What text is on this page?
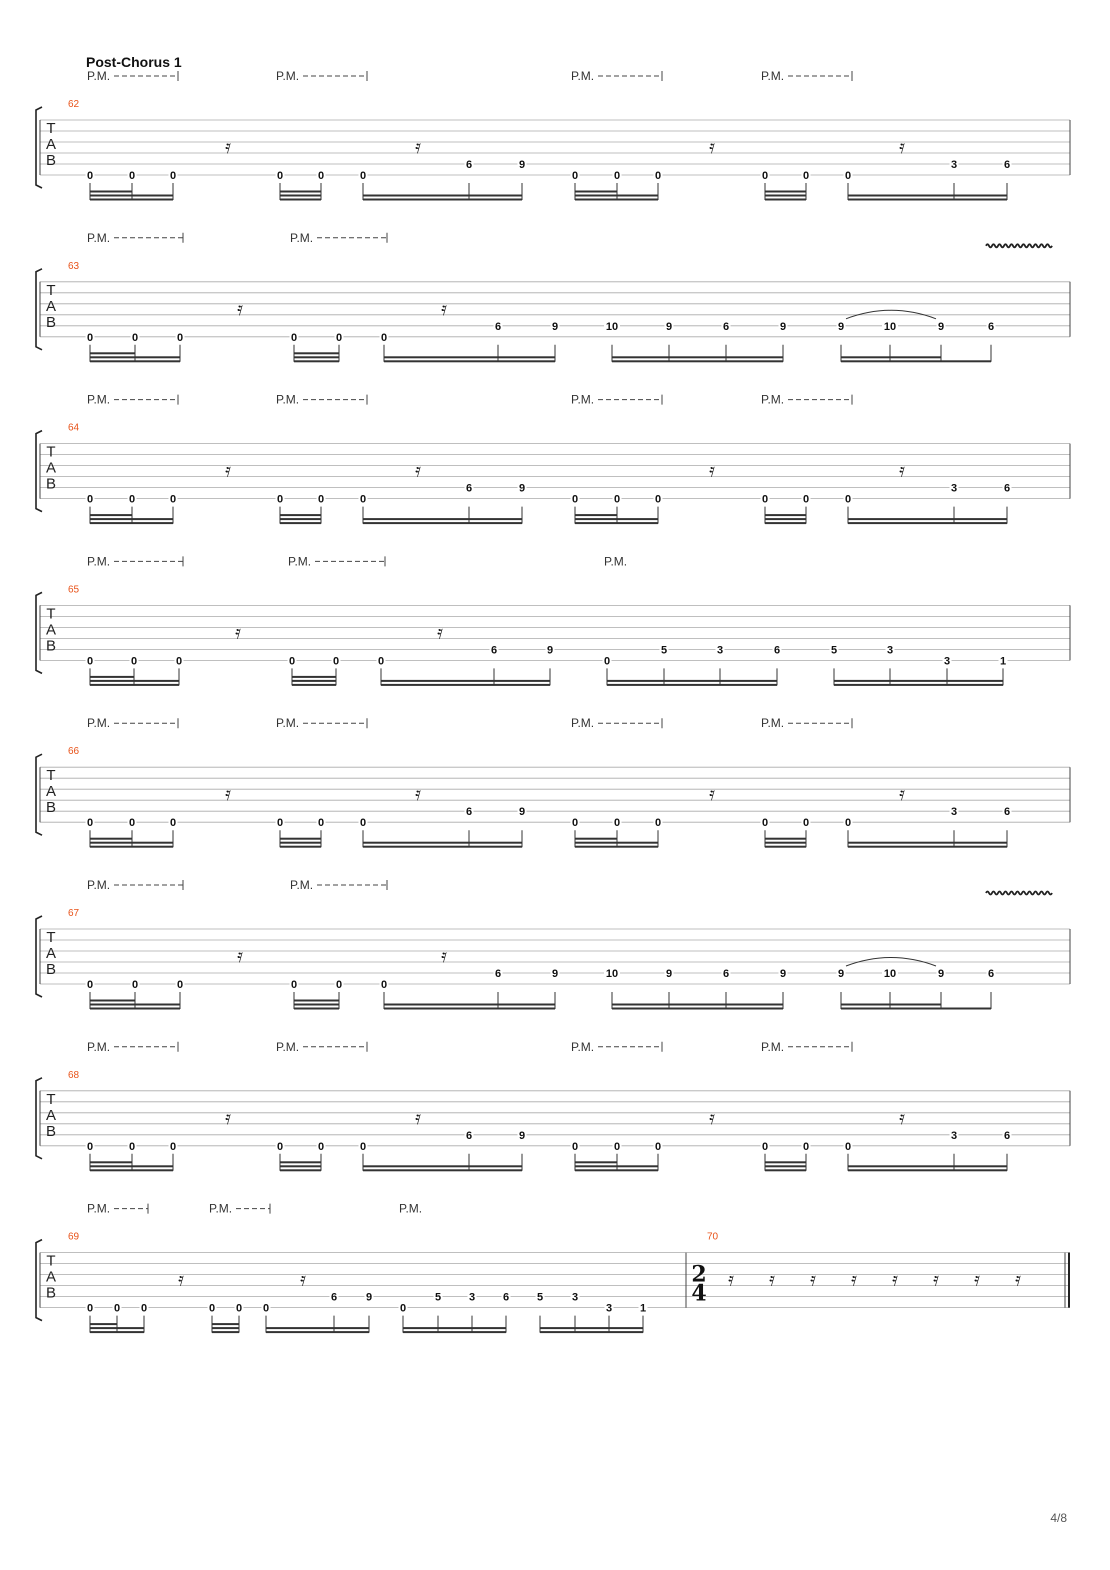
Post-Chorus 1
P.M.	P.M.	P.M.	P.M.
62
T
A
B
𝄿	𝄿	𝄿	𝄿
0	0	0	0	0	0
6	9
0	0	0	0	0	0
3	6
P.M.	P.M.
63
T
A
B
𝄿	𝄿
0	0	0	0	0	0
6	9	10	9	6	9	9	10	9	6
P.M.	P.M.	P.M.	P.M.
64
T
A
B
𝄿	𝄿	𝄿	𝄿
0	0	0	0	0	0
6	9
0	0	0	0	0	0
3	6
P.M.	P.M.	P.M.
65
T
A
B
𝄿	𝄿
0	0	0	0	0	0
6	9
0
5	3	6	5	3
3	1
P.M.	P.M.	P.M.	P.M.
66
T
A
B
𝄿	𝄿	𝄿	𝄿
0	0	0	0	0	0
6	9
0	0	0	0	0	0
3	6
P.M.	P.M.
67
T
A
B
𝄿	𝄿
0	0	0	0	0	0
6	9	10	9	6	9	9	10	9	6
P.M.	P.M.	P.M.	P.M.
68
T
A
B
𝄿	𝄿	𝄿	𝄿
0	0	0	0	0	0
6	9
0	0	0	0	0	0
3	6
P.M.	P.M.	P.M.
69
T
A
B
𝄿	𝄿
0 0 0	0 0 0
6	9
0
5	3	6	5	3
3	1
70
2
4
𝄿 𝄿 𝄿 𝄿 𝄿 𝄿 𝄿 𝄿
4/8
